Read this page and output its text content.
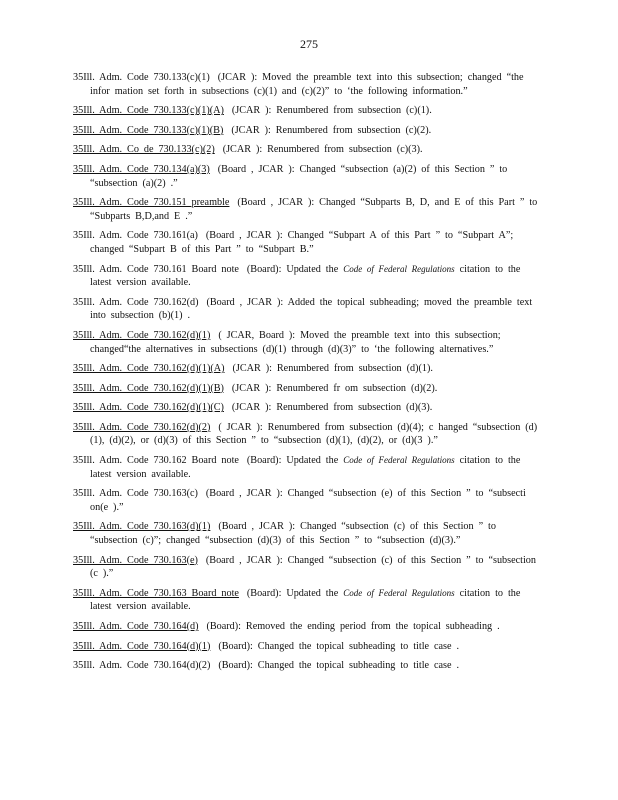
275
35Ill. Adm. Code 730.133(c)(1) (JCAR ): Moved the preamble text into this subsection; changed “the infor mation set forth in subsections (c)(1) and (c)(2)” to ‘the following information.”
35Ill. Adm. Code 730.133(c)(1)(A) (JCAR ): Renumbered from subsection (c)(1).
35Ill. Adm. Code 730.133(c)(1)(B) (JCAR ): Renumbered from subsection (c)(2).
35Ill. Adm. Co de 730.133(c)(2) (JCAR ): Renumbered from subsection (c)(3).
35Ill. Adm. Code 730.134(a)(3) (Board , JCAR ): Changed “subsection (a)(2) of this Section ” to “subsection (a)(2) .”
35Ill. Adm. Code 730.151 preamble (Board , JCAR ): Changed “Subparts B, D, and E of this Part ” to “Subparts B,D,and E .”
35Ill. Adm. Code 730.161(a) (Board , JCAR ): Changed “Subpart A of this Part ” to “Subpart A”; changed “Subpart B of this Part ” to “Subpart B.”
35Ill. Adm. Code 730.161 Board note (Board): Updated the Code of Federal Regulations citation to the latest version available.
35Ill. Adm. Code 730.162(d) (Board , JCAR ): Added the topical subheading; moved the preamble text into subsection (b)(1) .
35Ill. Adm. Code 730.162(d)(1) ( JCAR, Board ): Moved the preamble text into this subsection; changed“the alternatives in subsections (d)(1) through (d)(3)” to ‘the following alternatives.”
35Ill. Adm. Code 730.162(d)(1)(A) (JCAR ): Renumbered from subsection (d)(1).
35Ill. Adm. Code 730.162(d)(1)(B) (JCAR ): Renumbered fr om subsection (d)(2).
35Ill. Adm. Code 730.162(d)(1)(C) (JCAR ): Renumbered from subsection (d)(3).
35Ill. Adm. Code 730.162(d)(2) ( JCAR ): Renumbered from subsection (d)(4); c hanged “subsection (d)(1), (d)(2), or (d)(3) of this Section ” to “subsection (d)(1), (d)(2), or (d)(3 ).”
35Ill. Adm. Code 730.162 Board note (Board): Updated the Code of Federal Regulations citation to the latest version available.
35Ill. Adm. Code 730.163(c) (Board , JCAR ): Changed “subsection (e) of this Section ” to “subsecti on(e ).”
35Ill. Adm. Code 730.163(d)(1) (Board , JCAR ): Changed “subsection (c) of this Section ” to “subsection (c)”; changed “subsection (d)(3) of this Section ” to “subsection (d)(3).”
35Ill. Adm. Code 730.163(e) (Board , JCAR ): Changed “subsection (c) of this Section ” to “subsection (c ).”
35Ill. Adm. Code 730.163 Board note (Board): Updated the Code of Federal Regulations citation to the latest version available.
35Ill. Adm. Code 730.164(d) (Board): Removed the ending period from the topical subheading .
35Ill. Adm. Code 730.164(d)(1) (Board): Changed the topical subheading to title case .
35Ill. Adm. Code 730.164(d)(2) (Board): Changed the topical subheading to title case .
